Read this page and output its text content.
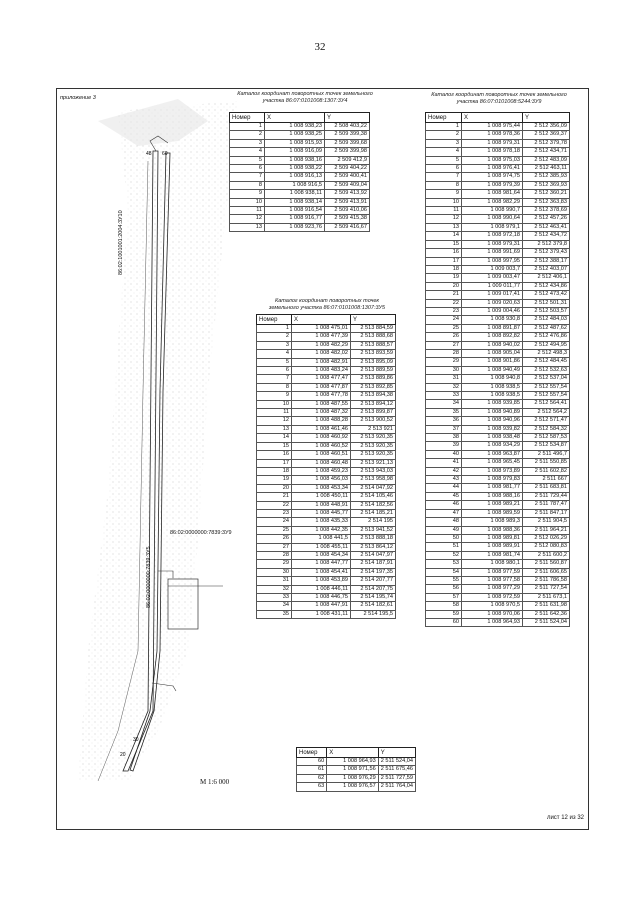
32
приложение 3
48 60
30
20
86:02:1001001:2004:3У10
86:02:0000000:7839:3У9
86:02:0000000:7839:3У5
М 1:6 000
Каталог координат поворотных точек земельного участка 86:07:0101008:1307:3У4
Номер	X	Y
1	1 008 938,23	2 508 403,22
2	1 008 938,25	2 509 399,38
3	1 008 915,93	2 509 399,68
4	1 008 916,09	2 509 399,98
5	1 008 938,16	2 509 412,9
6	1 008 938,22	2 509 404,22
7	1 008 916,13	2 509 400,41
8	1 008 916,5	2 509 409,04
9	1 008 938,11	2 509 413,92
10	1 008 938,14	2 509 413,91
11	1 008 916,54	2 509 410,06
12	1 008 916,77	2 509 415,38
13	1 008 923,76	2 509 416,67
Каталог координат поворотных точек земельного участка 86:07:0101008:1307:3У5
Номер	X	Y
1	1 008 475,01	2 513 884,59
2	1 008 477,39	2 513 888,68
3	1 008 482,29	2 513 888,57
4	1 008 482,02	2 513 893,59
5	1 008 482,91	2 513 895,09
6	1 008 483,24	2 513 889,59
7	1 008 477,47	2 513 889,86
8	1 008 477,87	2 513 892,85
9	1 008 477,78	2 513 894,38
10	1 008 487,55	2 513 894,12
11	1 008 487,32	2 513 899,87
12	1 008 488,28	2 513 900,52
13	1 008 461,46	2 513 921
14	1 008 460,92	2 513 920,35
15	1 008 460,52	2 513 920,35
16	1 008 460,51	2 513 920,35
17	1 008 460,48	2 513 921,13
18	1 008 459,23	2 513 943,03
19	1 008 456,03	2 513 958,98
20	1 008 453,34	2 514 047,92
21	1 008 450,11	2 514 105,46
22	1 008 448,91	2 514 182,56
23	1 008 445,77	2 514 185,21
24	1 008 435,33	2 514 195
25	1 008 442,35	2 513 941,52
26	1 008 441,5	2 513 888,18
27	1 008 455,11	2 513 864,12
28	1 008 454,34	2 514 047,97
29	1 008 447,77	2 514 187,91
30	1 008 454,41	2 514 197,35
31	1 008 453,89	2 514 207,77
32	1 008 446,11	2 514 207,75
33	1 008 446,75	2 514 195,74
34	1 008 447,91	2 514 182,61
35	1 008 431,11	2 514 195,5
Каталог координат поворотных точек земельного участка 86:07:0101008:5244:3У9
Номер	X	Y
1	1 008 975,44	2 512 356,09
2	1 008 978,36	2 512 369,37
3	1 008 979,31	2 512 379,78
4	1 008 978,18	2 512 434,71
5	1 008 975,03	2 512 483,09
6	1 008 976,41	2 512 463,11
7	1 008 974,75	2 512 385,93
8	1 008 979,39	2 512 369,93
9	1 008 981,64	2 512 360,21
10	1 008 982,29	2 512 363,83
11	1 008 990,7	2 512 378,69
12	1 008 990,64	2 512 457,26
13	1 008 979,1	2 512 463,41
14	1 008 972,18	2 512 434,72
15	1 008 979,31	2 512 379,8
16	1 008 991,69	2 512 379,43
17	1 008 997,95	2 512 388,17
18	1 009 003,7	2 512 403,07
19	1 009 003,47	2 512 406,1
20	1 009 011,77	2 512 434,86
21	1 009 017,41	2 512 473,42
22	1 009 020,63	2 512 501,31
23	1 009 004,46	2 512 503,57
24	1 008 930,8	2 512 484,03
25	1 008 891,87	2 512 487,62
26	1 008 892,82	2 512 476,86
27	1 008 940,02	2 512 494,95
28	1 008 905,04	2 512 498,3
29	1 008 901,86	2 512 484,45
30	1 008 940,49	2 512 532,63
31	1 008 940,8	2 512 537,04
32	1 008 938,5	2 512 557,54
33	1 008 938,5	2 512 557,54
34	1 008 939,85	2 512 564,41
35	1 008 940,89	2 512 564,2
36	1 008 940,96	2 512 571,47
37	1 008 939,82	2 512 584,32
38	1 008 938,48	2 512 587,53
39	1 008 934,29	2 512 534,87
40	1 008 963,87	2 511 496,7
41	1 008 965,45	2 511 550,85
42	1 008 973,89	2 511 602,82
43	1 008 979,83	2 511 667
44	1 008 981,77	2 511 683,81
45	1 008 988,16	2 511 729,44
46	1 008 989,21	2 511 787,47
47	1 008 989,59	2 511 847,17
48	1 008 989,3	2 511 904,5
49	1 008 988,36	2 511 964,21
50	1 008 989,81	2 512 026,29
51	1 008 989,91	2 512 080,83
52	1 008 981,74	2 511 600,2
53	1 008 980,1	2 511 560,87
54	1 008 977,59	2 511 606,65
55	1 008 977,58	2 511 786,58
56	1 008 977,29	2 511 727,54
57	1 008 972,59	2 511 673,1
58	1 008 970,5	2 511 631,98
59	1 008 970,06	2 511 642,36
60	1 008 964,93	2 511 524,04
Номер	X	Y
60	1 008 964,93	2 511 524,04
61	1 008 971,56	2 511 675,46
62	1 008 976,29	2 511 727,59
63	1 008 976,57	2 511 764,04
лист 12 из 32
